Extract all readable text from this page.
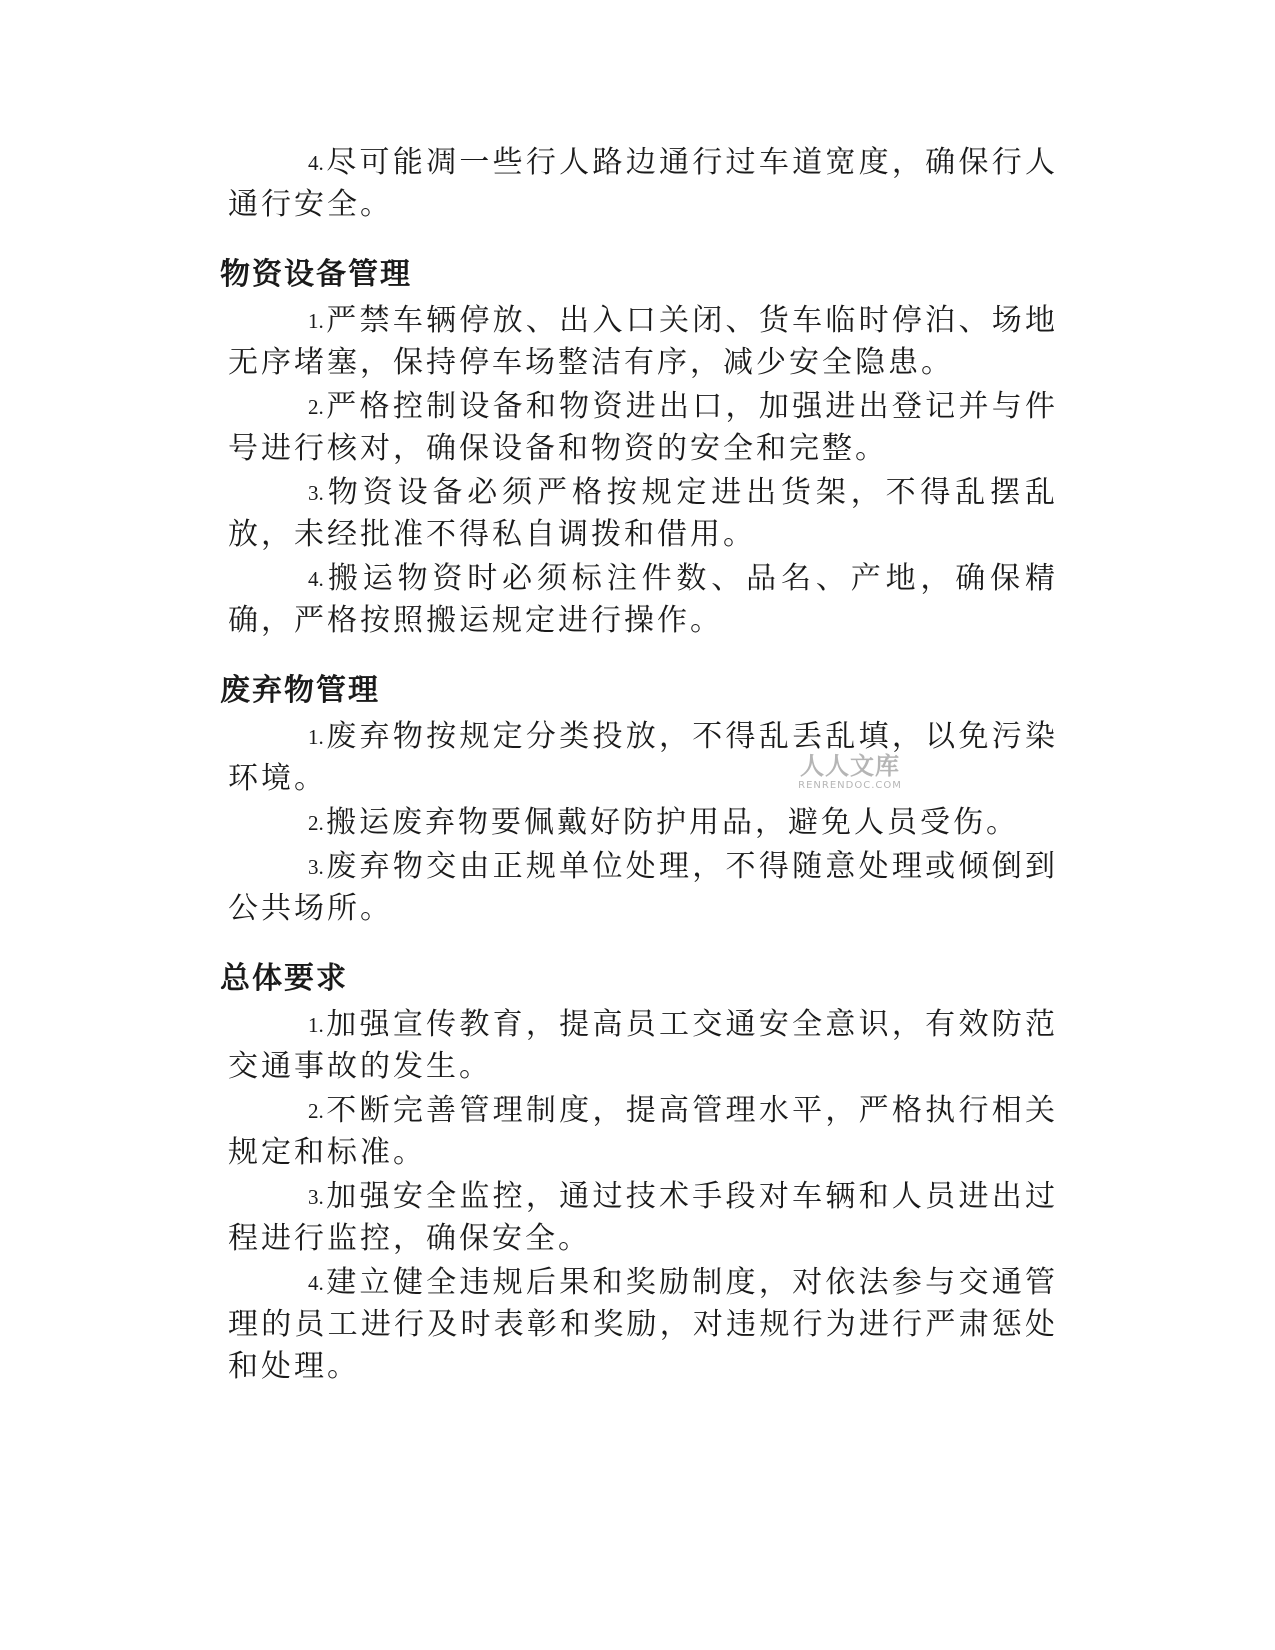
4.尽可能凋一些行人路边通行过车道宽度，确保行人通行安全。

物资设备管理

1.严禁车辆停放、出入口关闭、货车临时停泊、场地无序堵塞，保持停车场整洁有序，减少安全隐患。

2.严格控制设备和物资进出口，加强进出登记并与件号进行核对，确保设备和物资的安全和完整。

3.物资设备必须严格按规定进出货架，不得乱摆乱放，未经批准不得私自调拨和借用。

4.搬运物资时必须标注件数、品名、产地，确保精确，严格按照搬运规定进行操作。

废弃物管理

1.废弃物按规定分类投放，不得乱丢乱填，以免污染环境。

2.搬运废弃物要佩戴好防护用品，避免人员受伤。

3.废弃物交由正规单位处理，不得随意处理或倾倒到公共场所。

总体要求

1.加强宣传教育，提高员工交通安全意识，有效防范交通事故的发生。

2.不断完善管理制度，提高管理水平，严格执行相关规定和标准。

3.加强安全监控，通过技术手段对车辆和人员进出过程进行监控，确保安全。

4.建立健全违规后果和奖励制度，对依法参与交通管理的员工进行及时表彰和奖励，对违规行为进行严肃惩处和处理。

人人文库
RENRENDOC.COM
